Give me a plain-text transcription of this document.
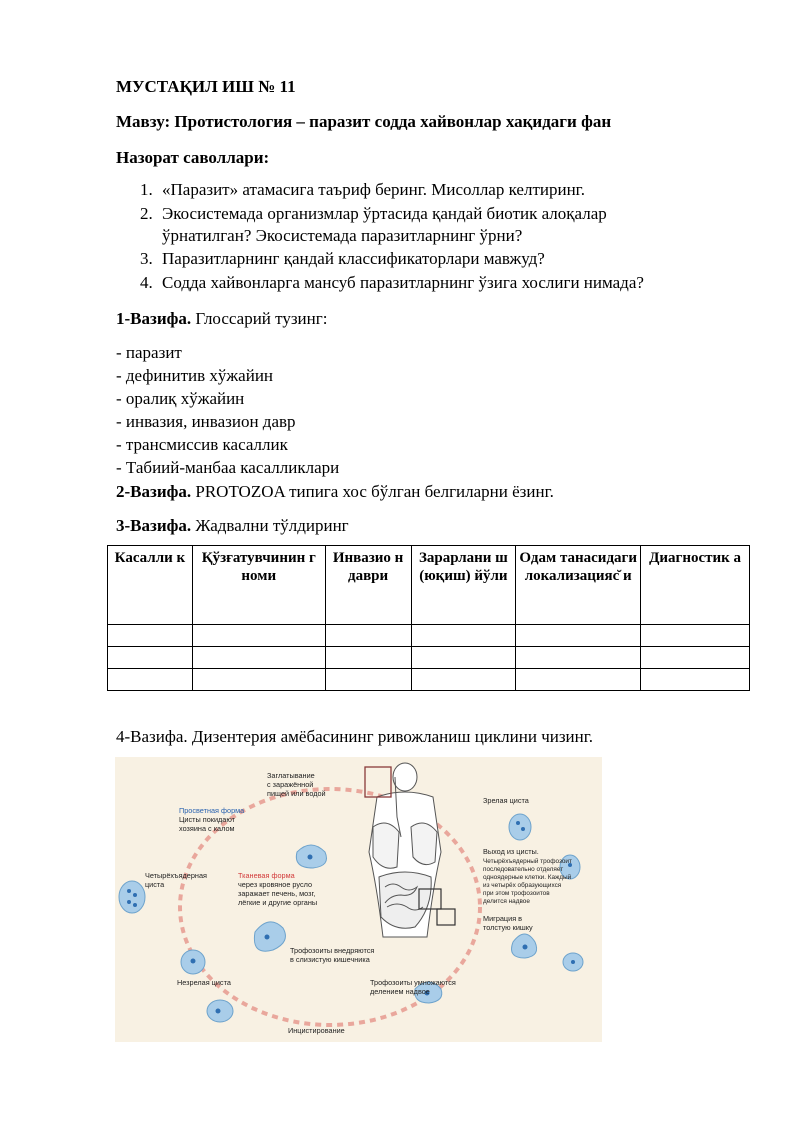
МУСТАҚИЛ ИШ № 11
Мавзу: Протистология – паразит содда хайвонлар хақидаги фан
Назорат саволлари:
1. «Паразит» атамасига таъриф беринг. Мисоллар келтиринг.
2. Экосистемада организмлар ўртасида қандай биотик алоқалар
ўрнатилган? Экосистемада паразитларнинг ўрни?
3. Паразитларнинг қандай классификаторлари мавжуд?
4. Содда хайвонларга мансуб паразитларнинг ўзига хослиги нимада?
1-Вазифа. Глоссарий тузинг:
- паразит
- дефинитив хўжайин
- оралиқ хўжайин
- инвазия, инвазион давр
- трансмиссив касаллик
- Табиий-манбаа касалликлари
2-Вазифа. PROTOZOA типига хос бўлган белгиларни ёзинг.
3-Вазифа. Жадвални тўлдиринг
Касалли к	Қўзғатувчинин г номи	Инвазио н даври	Зарарлани ш (юқиш) йўли	Одам танасидаги локализацияс̆ и	Диагностик а

4-Вазифа. Дизентерия амёбасининг ривожланиш циклини чизинг.
Заглатывание с заражённой пищей или водой
Просветная форма
Цисты покидают хозяина с калом
Четырёхъядерная циста
Тканевая форма
через кровяное русло заражает печень, мозг, лёгкие и другие органы
Зрелая циста
Выход из цисты. Четырёхъядерный трофозоит последовательно отделяет одноядерные клетки. Каждый из четырёх образующихся при этом трофозоитов делится надвое
Миграция в толстую кишку
Трофозоиты внедряются в слизистую кишечника
Незрелая циста	Трофозоиты умножаются делением надвое
Инцистирование
